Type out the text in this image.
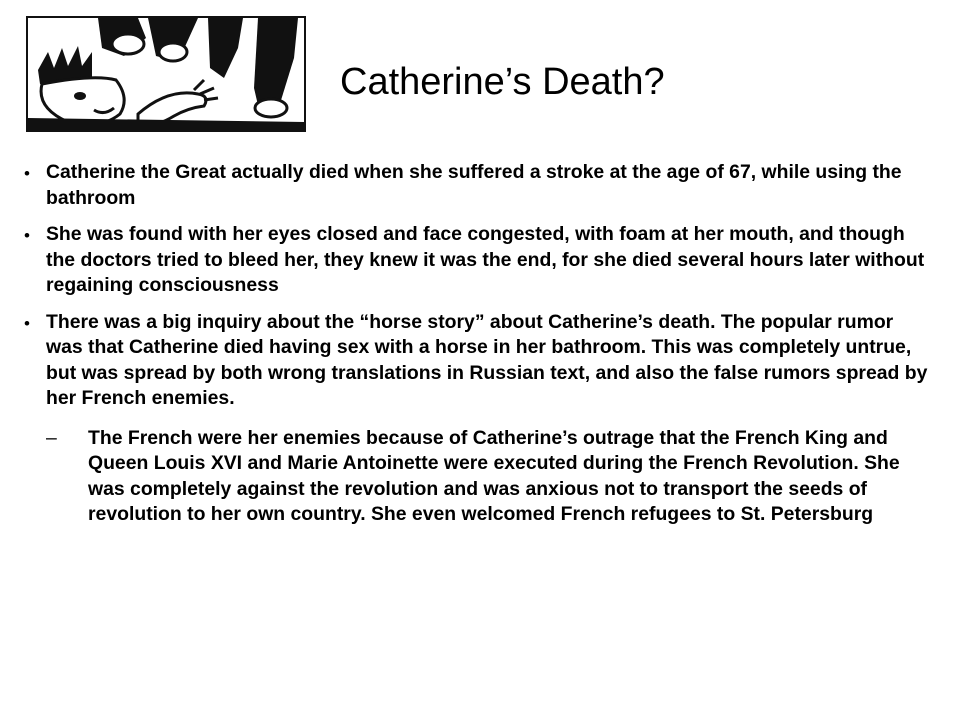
Catherine’s Death?
• Catherine the Great actually died when she suffered a stroke at the age of 67, while using the bathroom
• She was found with her eyes closed and face congested, with foam at her mouth, and though the doctors tried to bleed her, they knew it was the end, for she died several hours later without regaining consciousness
• There was a big inquiry about the “horse story” about Catherine’s death. The popular rumor was that Catherine died having sex with a horse in her bathroom. This was completely untrue, but was spread by both wrong translations in Russian text, and also the false rumors spread by her French enemies.
– The French were her enemies because of Catherine’s outrage that the French King and Queen Louis XVI and Marie Antoinette were executed during the French Revolution. She was completely against the revolution and was anxious not to transport the seeds of revolution to her own country. She even welcomed French refugees to St. Petersburg
